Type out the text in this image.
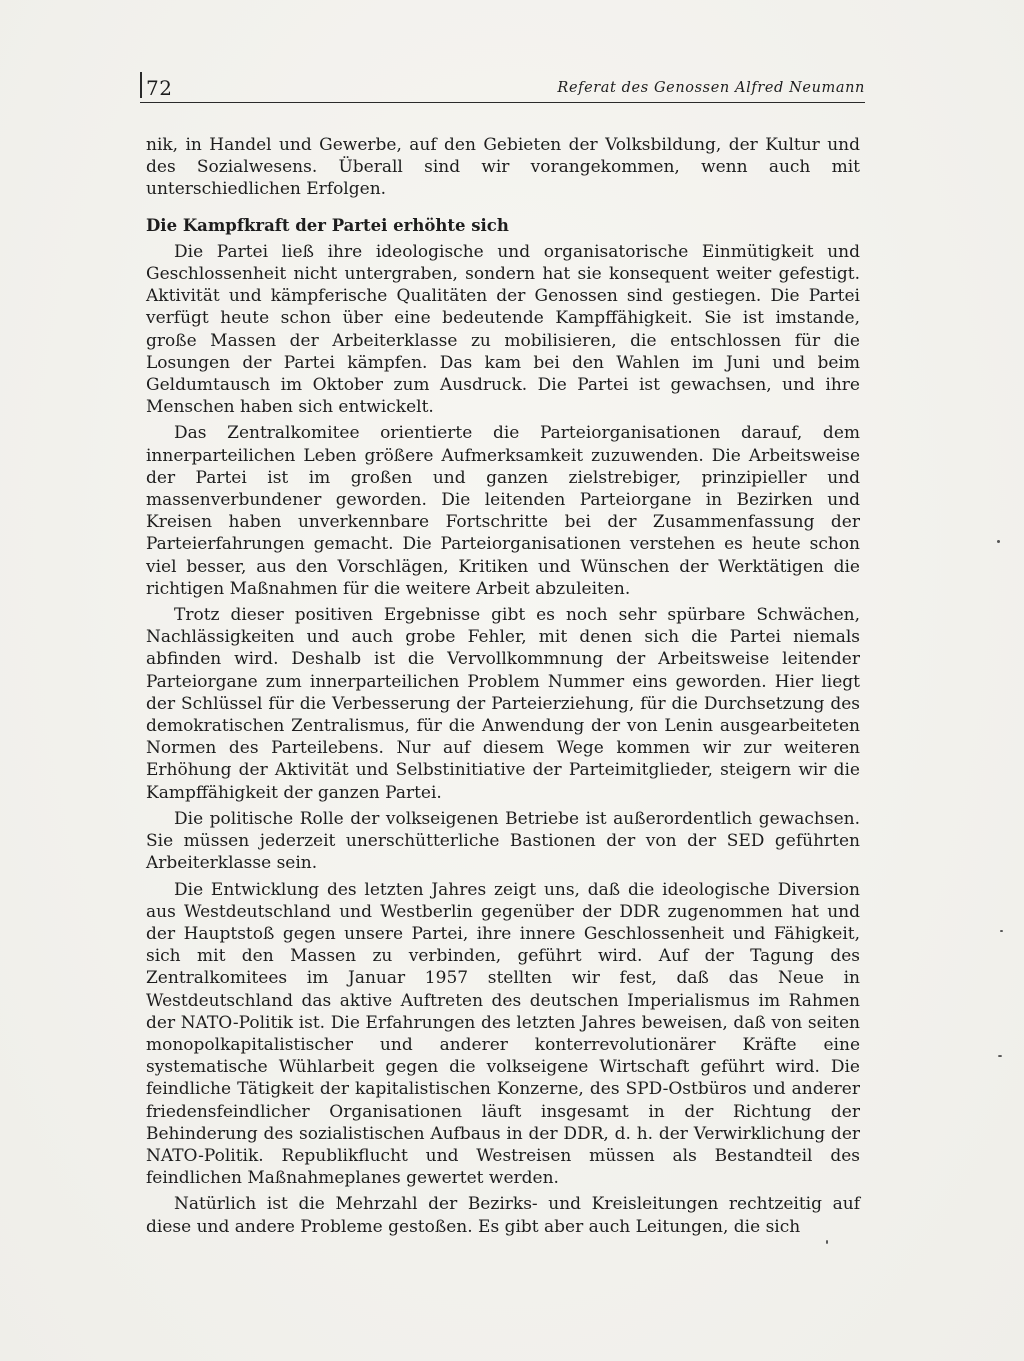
72	Referat des Genossen Alfred Neumann

nik, in Handel und Gewerbe, auf den Gebieten der Volksbildung, der Kultur und des Sozialwesens. Überall sind wir vorangekommen, wenn auch mit unterschiedlichen Erfolgen.

Die Kampfkraft der Partei erhöhte sich

Die Partei ließ ihre ideologische und organisatorische Einmütigkeit und Geschlossenheit nicht untergraben, sondern hat sie konsequent weiter gefestigt. Aktivität und kämpferische Qualitäten der Genossen sind gestiegen. Die Partei verfügt heute schon über eine bedeutende Kampffähigkeit. Sie ist imstande, große Massen der Arbeiterklasse zu mobilisieren, die entschlossen für die Losungen der Partei kämpfen. Das kam bei den Wahlen im Juni und beim Geldumtausch im Oktober zum Ausdruck. Die Partei ist gewachsen, und ihre Menschen haben sich entwickelt.

Das Zentralkomitee orientierte die Parteiorganisationen darauf, dem innerparteilichen Leben größere Aufmerksamkeit zuzuwenden. Die Arbeitsweise der Partei ist im großen und ganzen zielstrebiger, prinzipieller und massenverbundener geworden. Die leitenden Parteiorgane in Bezirken und Kreisen haben unverkennbare Fortschritte bei der Zusammenfassung der Parteierfahrungen gemacht. Die Parteiorganisationen verstehen es heute schon viel besser, aus den Vorschlägen, Kritiken und Wünschen der Werktätigen die richtigen Maßnahmen für die weitere Arbeit abzuleiten.

Trotz dieser positiven Ergebnisse gibt es noch sehr spürbare Schwächen, Nachlässigkeiten und auch grobe Fehler, mit denen sich die Partei niemals abfinden wird. Deshalb ist die Vervollkommnung der Arbeitsweise leitender Parteiorgane zum innerparteilichen Problem Nummer eins geworden. Hier liegt der Schlüssel für die Verbesserung der Parteierziehung, für die Durchsetzung des demokratischen Zentralismus, für die Anwendung der von Lenin ausgearbeiteten Normen des Parteilebens. Nur auf diesem Wege kommen wir zur weiteren Erhöhung der Aktivität und Selbstinitiative der Parteimitglieder, steigern wir die Kampffähigkeit der ganzen Partei.

Die politische Rolle der volkseigenen Betriebe ist außerordentlich gewachsen. Sie müssen jederzeit unerschütterliche Bastionen der von der SED geführten Arbeiterklasse sein.

Die Entwicklung des letzten Jahres zeigt uns, daß die ideologische Diversion aus Westdeutschland und Westberlin gegenüber der DDR zugenommen hat und der Hauptstoß gegen unsere Partei, ihre innere Geschlossenheit und Fähigkeit, sich mit den Massen zu verbinden, geführt wird. Auf der Tagung des Zentralkomitees im Januar 1957 stellten wir fest, daß das Neue in Westdeutschland das aktive Auftreten des deutschen Imperialismus im Rahmen der NATO-Politik ist. Die Erfahrungen des letzten Jahres beweisen, daß von seiten monopolkapitalistischer und anderer konterrevolutionärer Kräfte eine systematische Wühlarbeit gegen die volkseigene Wirtschaft geführt wird. Die feindliche Tätigkeit der kapitalistischen Konzerne, des SPD-Ostbüros und anderer friedensfeindlicher Organisationen läuft insgesamt in der Richtung der Behinderung des sozialistischen Aufbaus in der DDR, d. h. der Verwirklichung der NATO-Politik. Republikflucht und Westreisen müssen als Bestandteil des feindlichen Maßnahmeplanes gewertet werden.

Natürlich ist die Mehrzahl der Bezirks- und Kreisleitungen rechtzeitig auf diese und andere Probleme gestoßen. Es gibt aber auch Leitungen, die sich
